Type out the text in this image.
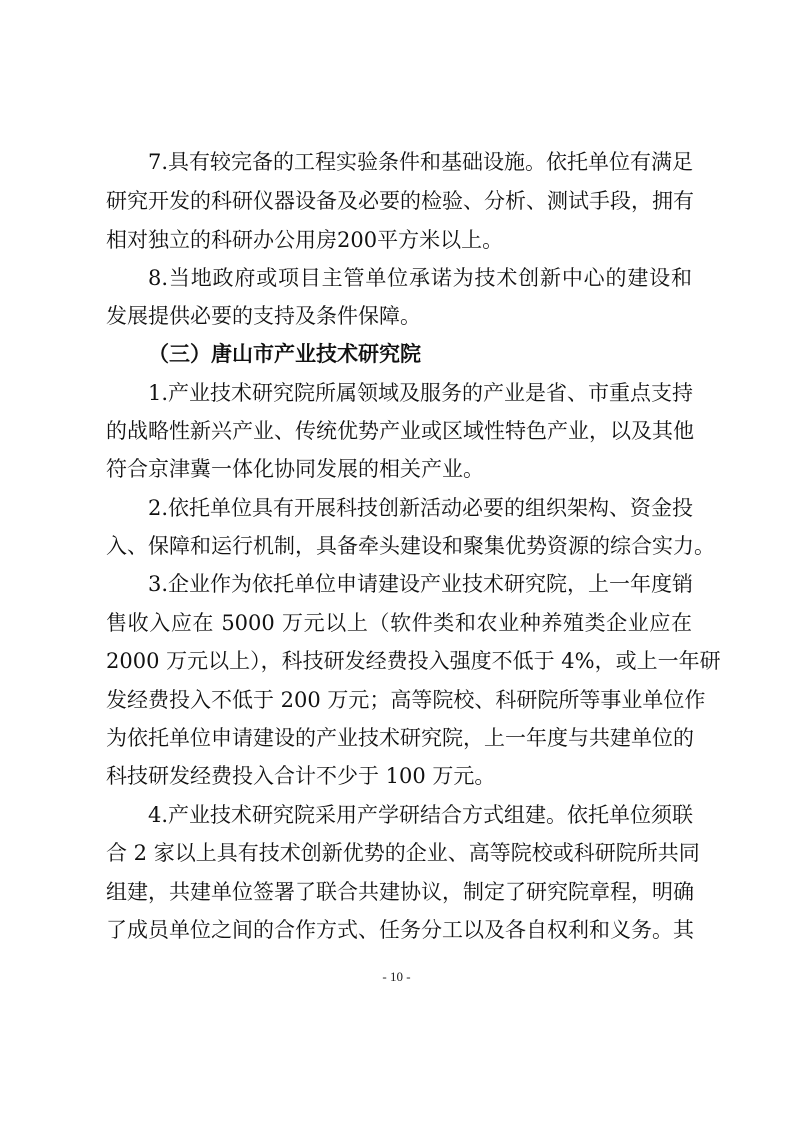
7.具有较完备的工程实验条件和基础设施。依托单位有满足
研究开发的科研仪器设备及必要的检验、分析、测试手段，拥有
相对独立的科研办公用房200平方米以上。
8.当地政府或项目主管单位承诺为技术创新中心的建设和
发展提供必要的支持及条件保障。
（三）唐山市产业技术研究院
1.产业技术研究院所属领域及服务的产业是省、市重点支持
的战略性新兴产业、传统优势产业或区域性特色产业，以及其他
符合京津冀一体化协同发展的相关产业。
2.依托单位具有开展科技创新活动必要的组织架构、资金投
入、保障和运行机制，具备牵头建设和聚集优势资源的综合实力。
3.企业作为依托单位申请建设产业技术研究院，上一年度销
售收入应在 5000 万元以上（软件类和农业种养殖类企业应在
2000 万元以上），科技研发经费投入强度不低于 4%，或上一年研
发经费投入不低于 200 万元；高等院校、科研院所等事业单位作
为依托单位申请建设的产业技术研究院，上一年度与共建单位的
科技研发经费投入合计不少于 100 万元。
4.产业技术研究院采用产学研结合方式组建。依托单位须联
合 2 家以上具有技术创新优势的企业、高等院校或科研院所共同
组建，共建单位签署了联合共建协议，制定了研究院章程，明确
了成员单位之间的合作方式、任务分工以及各自权利和义务。其
- 10 -
